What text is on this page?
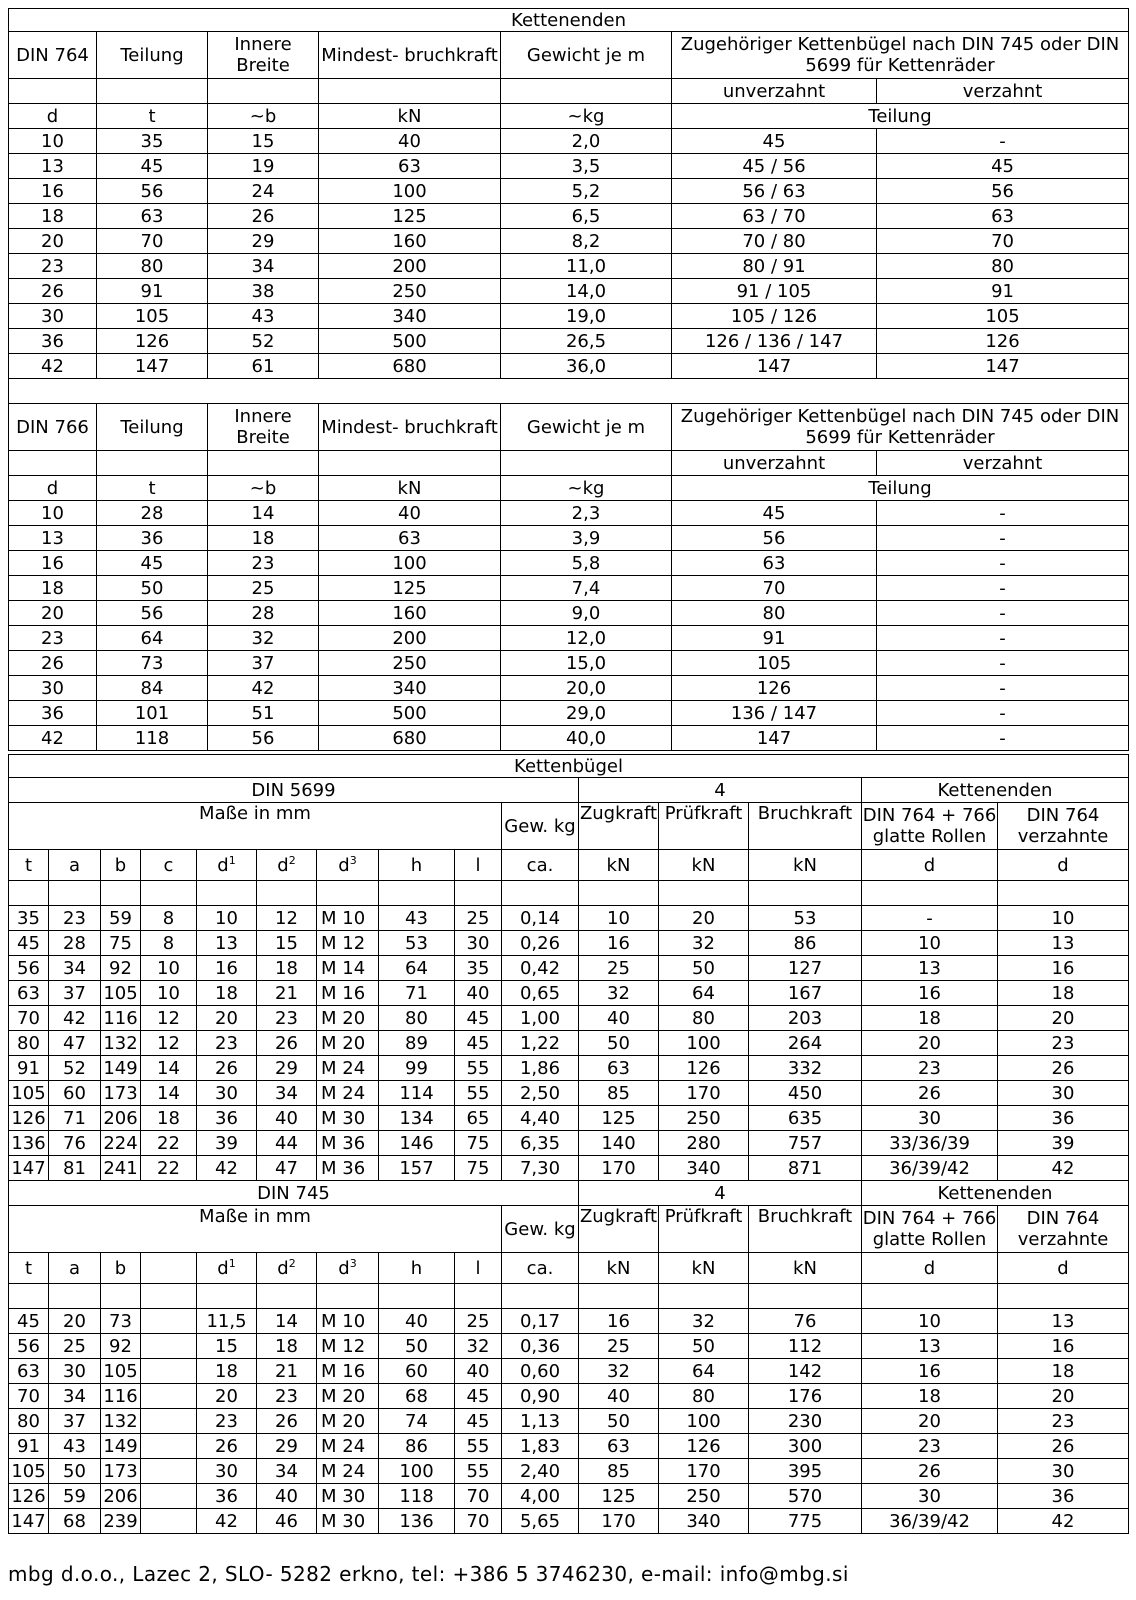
Kettenenden						
DIN 764	Teilung	Innere Breite	Mindest- bruchkraft	Gewicht je m	Zugehöriger Kettenbügel nach DIN 745 oder DIN 5699 für Kettenräder	
					unverzahnt	verzahnt
d	t	~b	kN	~kg	Teilung	
10	35	15	40	2,0	45	-
13	45	19	63	3,5	45 / 56	45
16	56	24	100	5,2	56 / 63	56
18	63	26	125	6,5	63 / 70	63
20	70	29	160	8,2	70 / 80	70
23	80	34	200	11,0	80 / 91	80
26	91	38	250	14,0	91 / 105	91
30	105	43	340	19,0	105 / 126	105
36	126	52	500	26,5	126 / 136 / 147	126
42	147	61	680	36,0	147	147

DIN 766	Teilung	Innere Breite	Mindest- bruchkraft	Gewicht je m	Zugehöriger Kettenbügel nach DIN 745 oder DIN 5699 für Kettenräder	
					unverzahnt	verzahnt
d	t	~b	kN	~kg	Teilung	
10	28	14	40	2,3	45	-
13	36	18	63	3,9	56	-
16	45	23	100	5,8	63	-
18	50	25	125	7,4	70	-
20	56	28	160	9,0	80	-
23	64	32	200	12,0	91	-
26	73	37	250	15,0	105	-
30	84	42	340	20,0	126	-
36	101	51	500	29,0	136 / 147	-
42	118	56	680	40,0	147	-
Kettenbügel														
DIN 5699										4			Kettenenden	
Maße in mm									Gew. kg	Zugkraft	Prüfkraft	Bruchkraft	DIN 764 + 766 glatte Rollen	DIN 764 verzahnte
t	a	b	c	$d^1$	$d^2$	$d^3$	h	l	ca.	kN	kN	kN	d	d

35	23	59	8	10	12	M 10	43	25	0,14	10	20	53	-	10
45	28	75	8	13	15	M 12	53	30	0,26	16	32	86	10	13
56	34	92	10	16	18	M 14	64	35	0,42	25	50	127	13	16
63	37	105	10	18	21	M 16	71	40	0,65	32	64	167	16	18
70	42	116	12	20	23	M 20	80	45	1,00	40	80	203	18	20
80	47	132	12	23	26	M 20	89	45	1,22	50	100	264	20	23
91	52	149	14	26	29	M 24	99	55	1,86	63	126	332	23	26
105	60	173	14	30	34	M 24	114	55	2,50	85	170	450	26	30
126	71	206	18	36	40	M 30	134	65	4,40	125	250	635	30	36
136	76	224	22	39	44	M 36	146	75	6,35	140	280	757	33/36/39	39
147	81	241	22	42	47	M 36	157	75	7,30	170	340	871	36/39/42	42
DIN 745										4			Kettenenden	
Maße in mm									Gew. kg	Zugkraft	Prüfkraft	Bruchkraft	DIN 764 + 766 glatte Rollen	DIN 764 verzahnte
t	a	b		$d^1$	$d^2$	$d^3$	h	l	ca.	kN	kN	kN	d	d

45	20	73		11,5	14	M 10	40	25	0,17	16	32	76	10	13
56	25	92		15	18	M 12	50	32	0,36	25	50	112	13	16
63	30	105		18	21	M 16	60	40	0,60	32	64	142	16	18
70	34	116		20	23	M 20	68	45	0,90	40	80	176	18	20
80	37	132		23	26	M 20	74	45	1,13	50	100	230	20	23
91	43	149		26	29	M 24	86	55	1,83	63	126	300	23	26
105	50	173		30	34	M 24	100	55	2,40	85	170	395	26	30
126	59	206		36	40	M 30	118	70	4,00	125	250	570	30	36
147	68	239		42	46	M 30	136	70	5,65	170	340	775	36/39/42	42
mbg d.o.o., Lazec 2, SLO- 5282 erkno, tel: +386 5 3746230, e-mail: info@mbg.si
